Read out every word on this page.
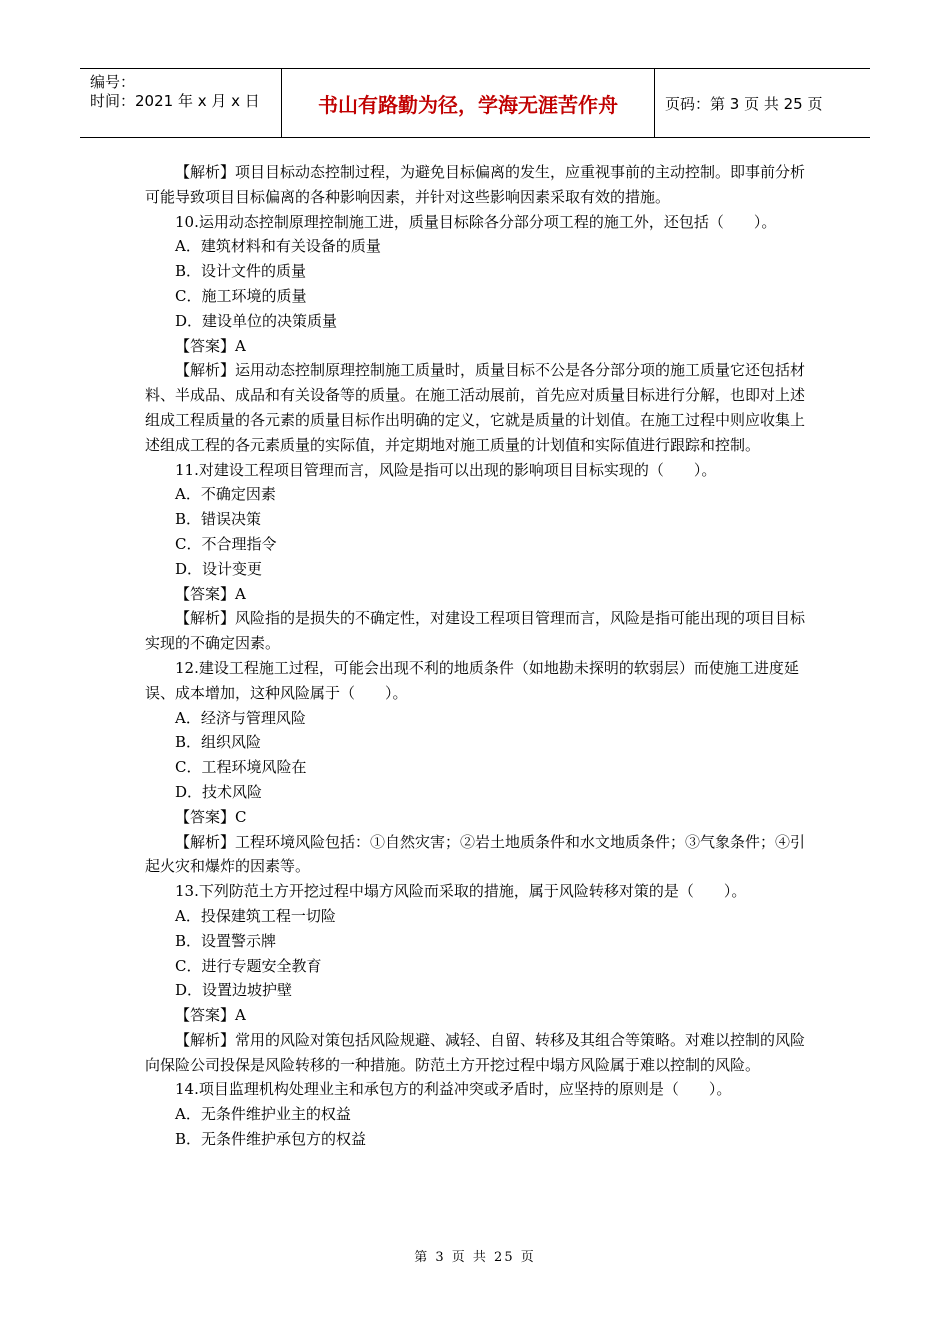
编号：
时间：2021 年 x 月 x 日	书山有路勤为径，学海无涯苦作舟	页码：第 3 页 共 25 页

【解析】项目目标动态控制过程，为避免目标偏离的发生，应重视事前的主动控制。即事前分析可能导致项目目标偏离的各种影响因素，并针对这些影响因素采取有效的措施。

10.运用动态控制原理控制施工进，质量目标除各分部分项工程的施工外，还包括（　　）。

A．建筑材料和有关设备的质量

B．设计文件的质量

C．施工环境的质量

D．建设单位的决策质量

【答案】A

【解析】运用动态控制原理控制施工质量时，质量目标不公是各分部分项的施工质量它还包括材料、半成品、成品和有关设备等的质量。在施工活动展前，首先应对质量目标进行分解，也即对上述组成工程质量的各元素的质量目标作出明确的定义，它就是质量的计划值。在施工过程中则应收集上述组成工程的各元素质量的实际值，并定期地对施工质量的计划值和实际值进行跟踪和控制。

11.对建设工程项目管理而言，风险是指可以出现的影响项目目标实现的（　　）。

A．不确定因素

B．错误决策

C．不合理指令

D．设计变更

【答案】A

【解析】风险指的是损失的不确定性，对建设工程项目管理而言，风险是指可能出现的项目目标实现的不确定因素。

12.建设工程施工过程，可能会出现不利的地质条件（如地勘未探明的软弱层）而使施工进度延误、成本增加，这种风险属于（　　）。

A．经济与管理风险

B．组织风险

C．工程环境风险在

D．技术风险

【答案】C

【解析】工程环境风险包括：①自然灾害；②岩土地质条件和水文地质条件；③气象条件；④引起火灾和爆炸的因素等。

13.下列防范土方开挖过程中塌方风险而采取的措施，属于风险转移对策的是（　　）。

A．投保建筑工程一切险

B．设置警示牌

C．进行专题安全教育

D．设置边坡护壁

【答案】A

【解析】常用的风险对策包括风险规避、减轻、自留、转移及其组合等策略。对难以控制的风险向保险公司投保是风险转移的一种措施。防范土方开挖过程中塌方风险属于难以控制的风险。

14.项目监理机构处理业主和承包方的利益冲突或矛盾时，应坚持的原则是（　　）。

A．无条件维护业主的权益

B．无条件维护承包方的权益

第 3 页 共 25 页
